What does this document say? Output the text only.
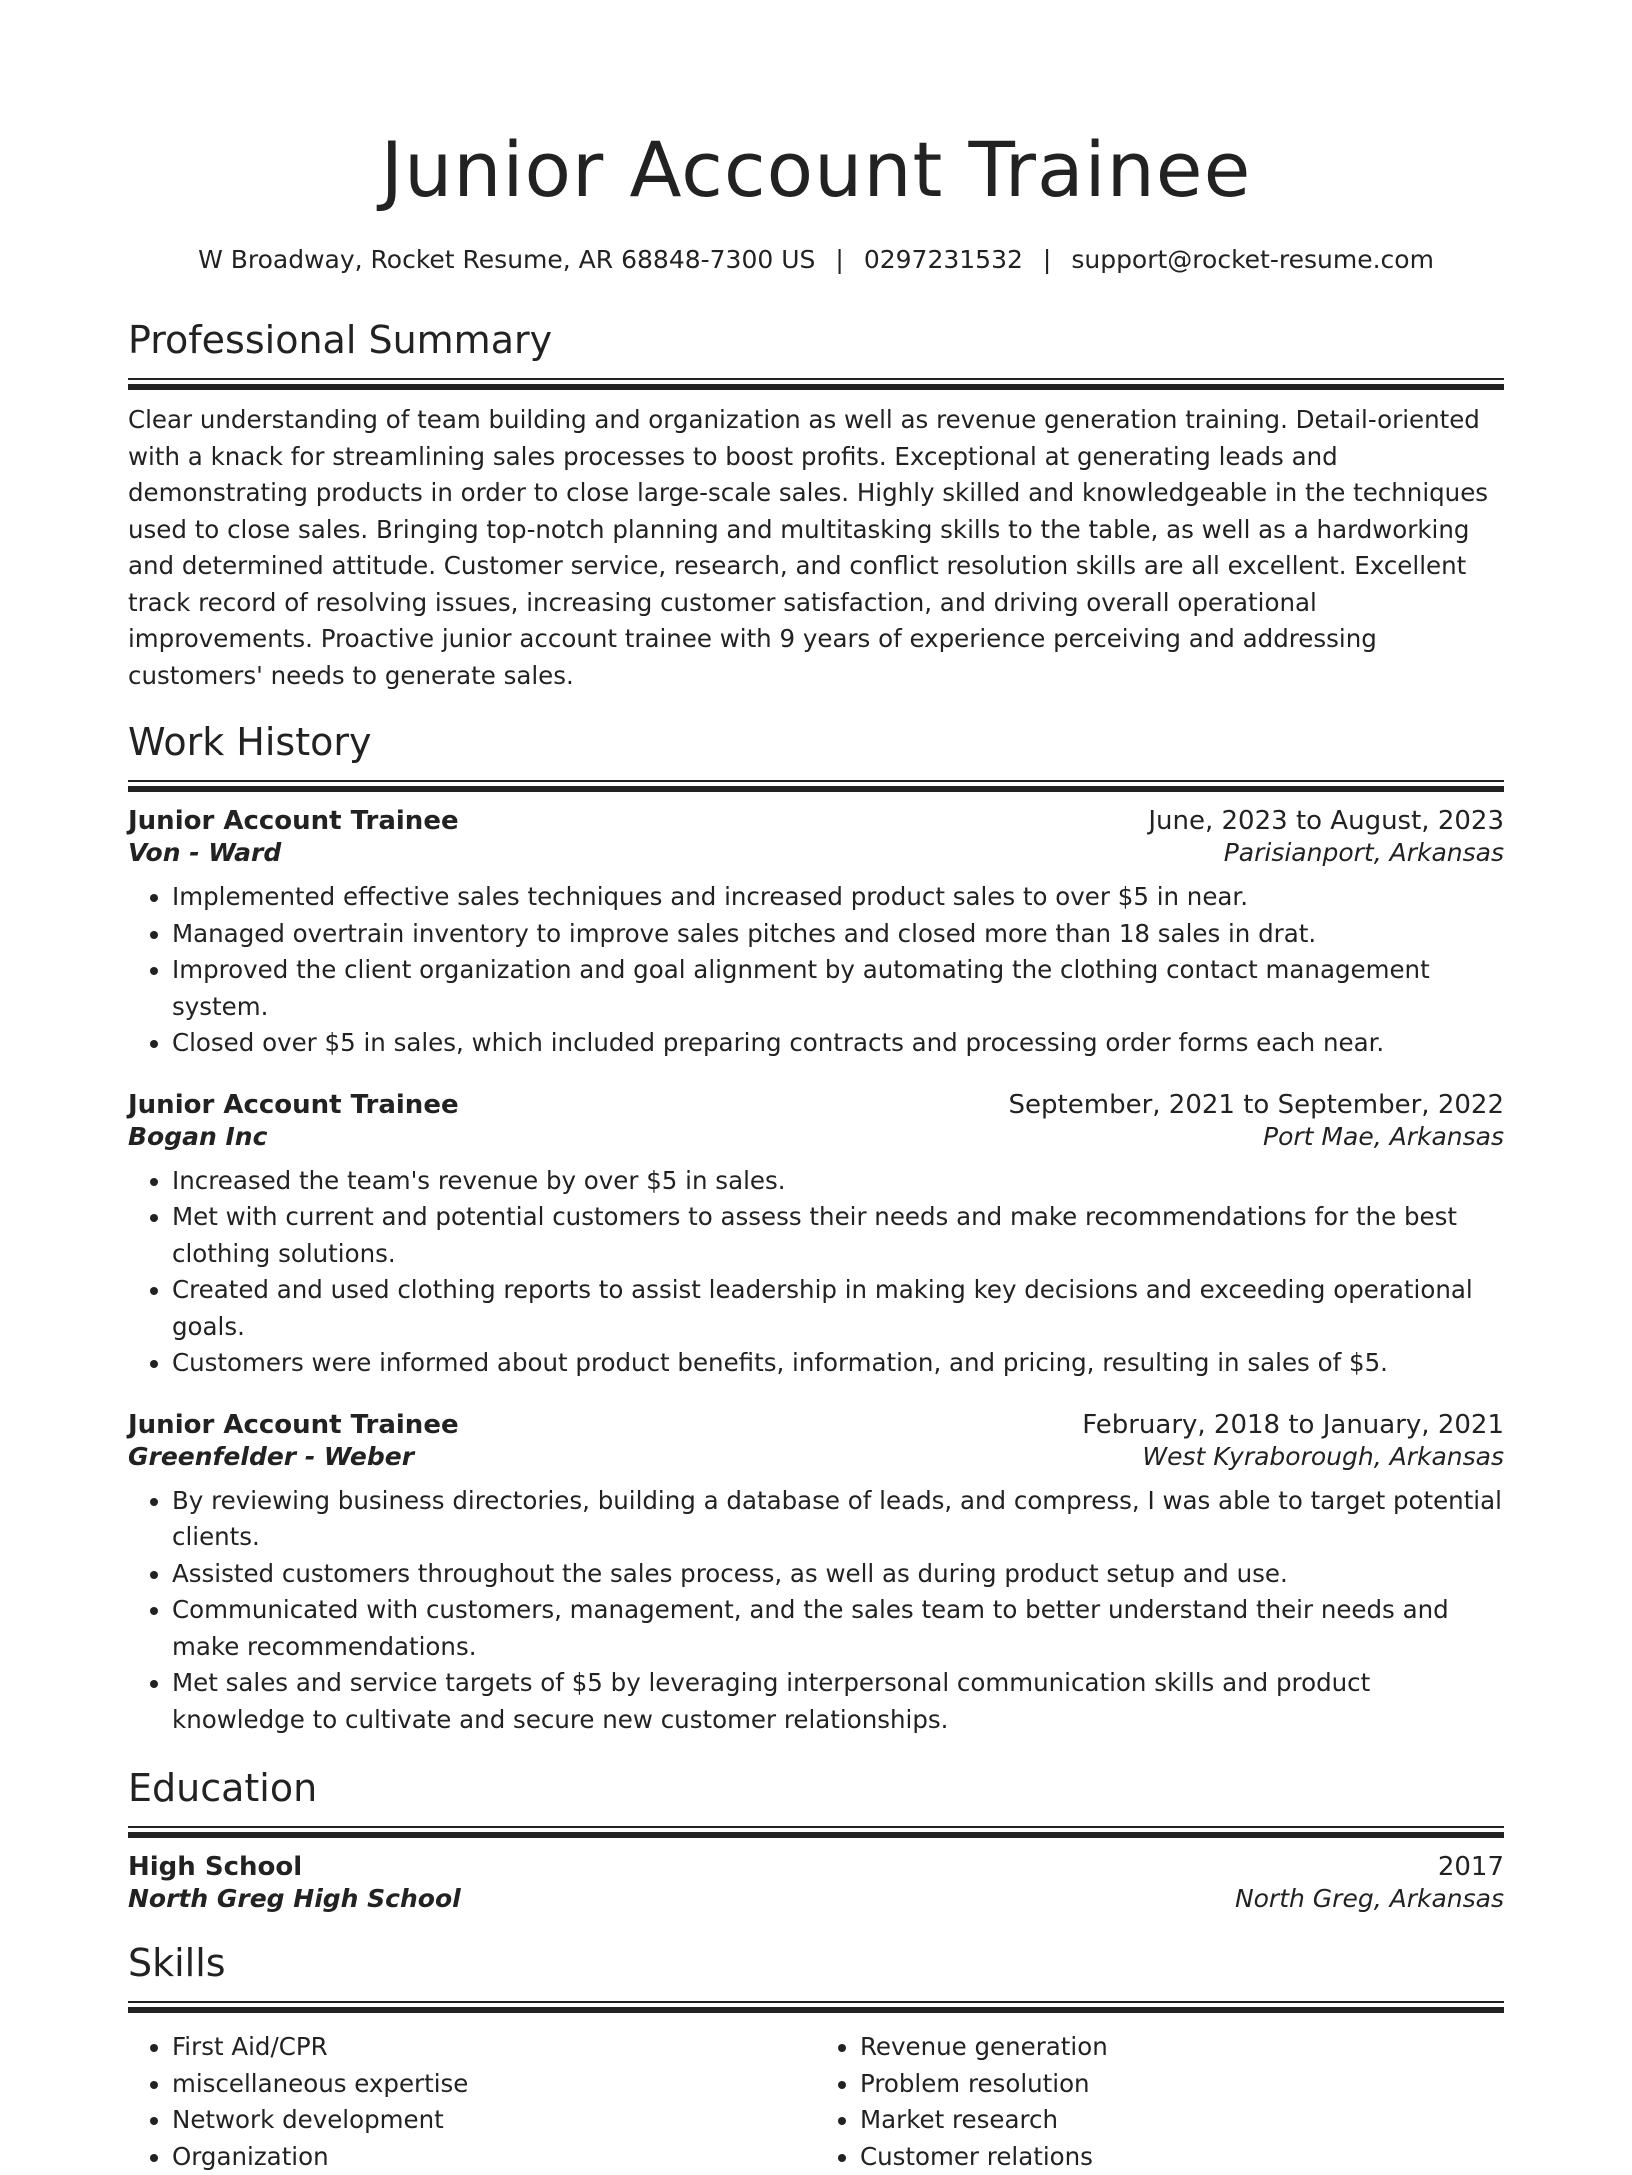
Junior Account Trainee
W Broadway, Rocket Resume, AR 68848-7300 US | 0297231532 | support@rocket-resume.com
Professional Summary
Clear understanding of team building and organization as well as revenue generation training. Detail-oriented with a knack for streamlining sales processes to boost profits. Exceptional at generating leads and demonstrating products in order to close large-scale sales. Highly skilled and knowledgeable in the techniques used to close sales. Bringing top-notch planning and multitasking skills to the table, as well as a hardworking and determined attitude. Customer service, research, and conflict resolution skills are all excellent. Excellent track record of resolving issues, increasing customer satisfaction, and driving overall operational improvements. Proactive junior account trainee with 9 years of experience perceiving and addressing customers' needs to generate sales.
Work History
Junior Account Trainee	June, 2023 to August, 2023
Von - Ward	Parisianport, Arkansas
• Implemented effective sales techniques and increased product sales to over $5 in near.
• Managed overtrain inventory to improve sales pitches and closed more than 18 sales in drat.
• Improved the client organization and goal alignment by automating the clothing contact management system.
• Closed over $5 in sales, which included preparing contracts and processing order forms each near.
Junior Account Trainee	September, 2021 to September, 2022
Bogan Inc	Port Mae, Arkansas
• Increased the team's revenue by over $5 in sales.
• Met with current and potential customers to assess their needs and make recommendations for the best clothing solutions.
• Created and used clothing reports to assist leadership in making key decisions and exceeding operational goals.
• Customers were informed about product benefits, information, and pricing, resulting in sales of $5.
Junior Account Trainee	February, 2018 to January, 2021
Greenfelder - Weber	West Kyraborough, Arkansas
• By reviewing business directories, building a database of leads, and compress, I was able to target potential clients.
• Assisted customers throughout the sales process, as well as during product setup and use.
• Communicated with customers, management, and the sales team to better understand their needs and make recommendations.
• Met sales and service targets of $5 by leveraging interpersonal communication skills and product knowledge to cultivate and secure new customer relationships.
Education
High School	2017
North Greg High School	North Greg, Arkansas
Skills
• First Aid/CPR
• miscellaneous expertise
• Network development
• Organization
• Revenue generation
• Problem resolution
• Market research
• Customer relations
